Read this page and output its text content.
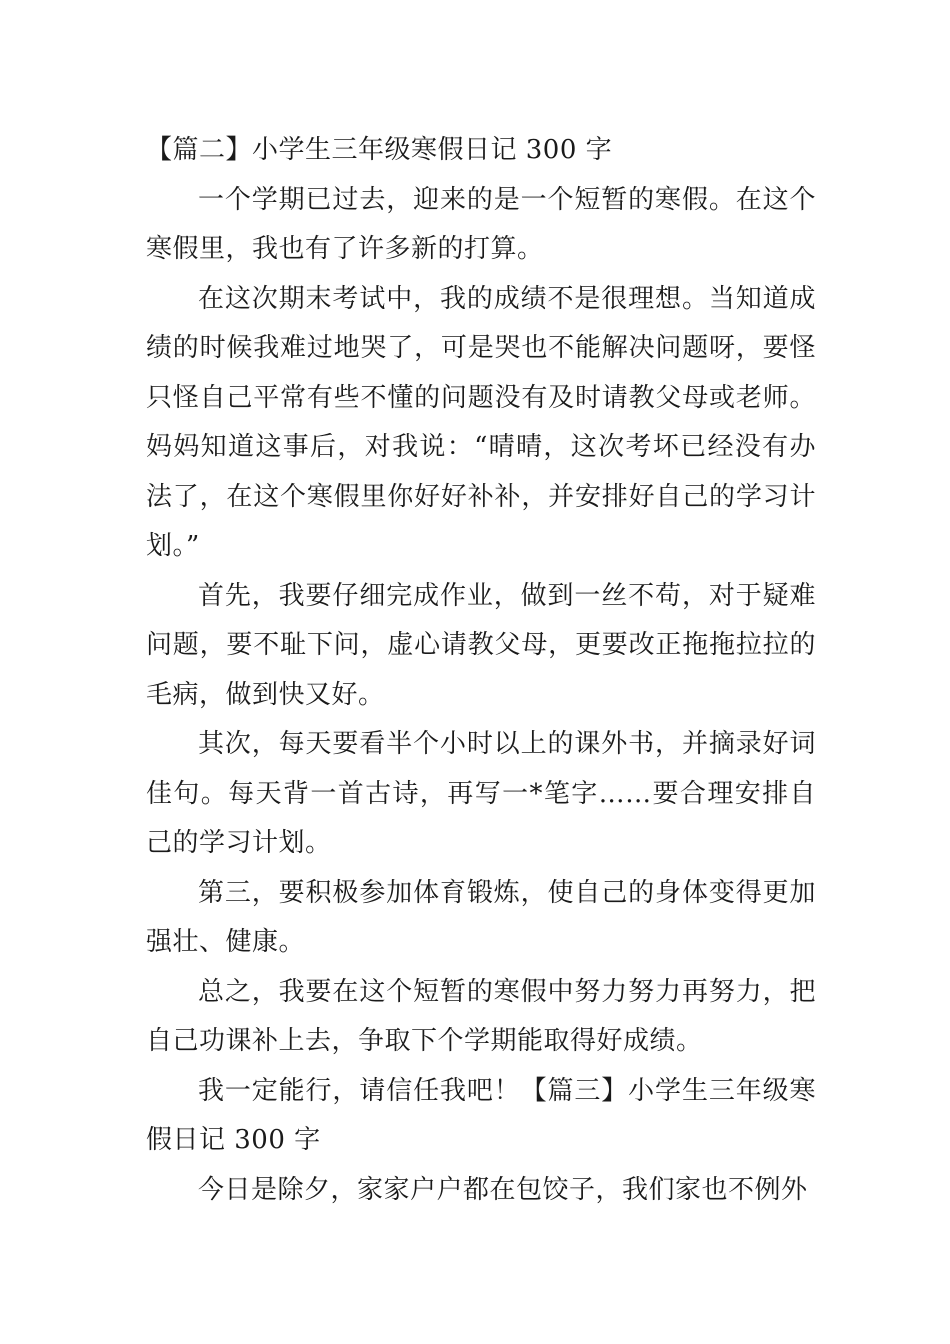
【篇二】小学生三年级寒假日记 300 字

一个学期已过去，迎来的是一个短暂的寒假。在这个寒假里，我也有了许多新的打算。

在这次期末考试中，我的成绩不是很理想。当知道成绩的时候我难过地哭了，可是哭也不能解决问题呀，要怪只怪自己平常有些不懂的问题没有及时请教父母或老师。妈妈知道这事后，对我说：“晴晴，这次考坏已经没有办法了，在这个寒假里你好好补补，并安排好自己的学习计划。”

首先，我要仔细完成作业，做到一丝不苟，对于疑难问题，要不耻下问，虚心请教父母，更要改正拖拖拉拉的毛病，做到快又好。

其次，每天要看半个小时以上的课外书，并摘录好词佳句。每天背一首古诗，再写一*笔字……要合理安排自己的学习计划。

第三，要积极参加体育锻炼，使自己的身体变得更加强壮、健康。

总之，我要在这个短暂的寒假中努力努力再努力，把自己功课补上去，争取下个学期能取得好成绩。

我一定能行，请信任我吧！【篇三】小学生三年级寒假日记 300 字

今日是除夕，家家户户都在包饺子，我们家也不例外
